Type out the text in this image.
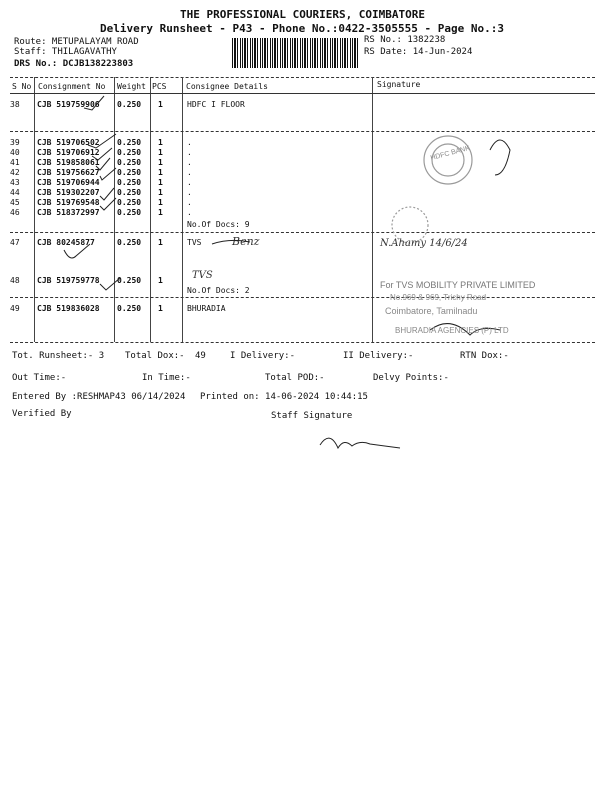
THE PROFESSIONAL COURIERS, COIMBATORE
Delivery Runsheet - P43 - Phone No.:0422-3505555 - Page No.:3
Route: METUPALAYAM ROAD
Staff: THILAGAVATHY
DRS No.: DCJB138223803
RS No.: 1382238
RS Date: 14-Jun-2024
S No Consignment No Weight PCS Consignee Details	Signature
38 CJB 519759906 0.250 1	HDFC I FLOOR
39 CJB 519706502 0.250 1	.
40 CJB 519706912 0.250 1	.
41 CJB 519858061 0.250 1	.
42 CJB 519756627 0.250 1	.
43 CJB 519706944 0.250 1	.
44 CJB 519302207 0.250 1	.
45 CJB 519769548 0.250 1	.
46 CJB 518372997 0.250 1	.
No.Of Docs: 9
47 CJB 80245877	0.250 1	TVS	Benz
48 CJB 519759778 0.250 1	TVS
No.Of Docs: 2
49 CJB 519836028 0.250 1	BHURADIA
HDFC BANK
N.Ahamy 14/6/24
For TVS MOBILITY PRIVATE LIMITED
No.969 & 969, Trichy Road
Coimbatore, Tamilnadu
BHURADIA AGENCIES (P) LTD
Tot. Runsheet:- 3 Total Dox:- 49	I Delivery:-	II Delivery:-	RTN Dox:-
Out Time:-	In Time:-	Total POD:-	Delvy Points:-
Entered By :RESHMAP43 06/14/2024 Printed on: 14-06-2024 10:44:15
Verified By	Staff Signature
